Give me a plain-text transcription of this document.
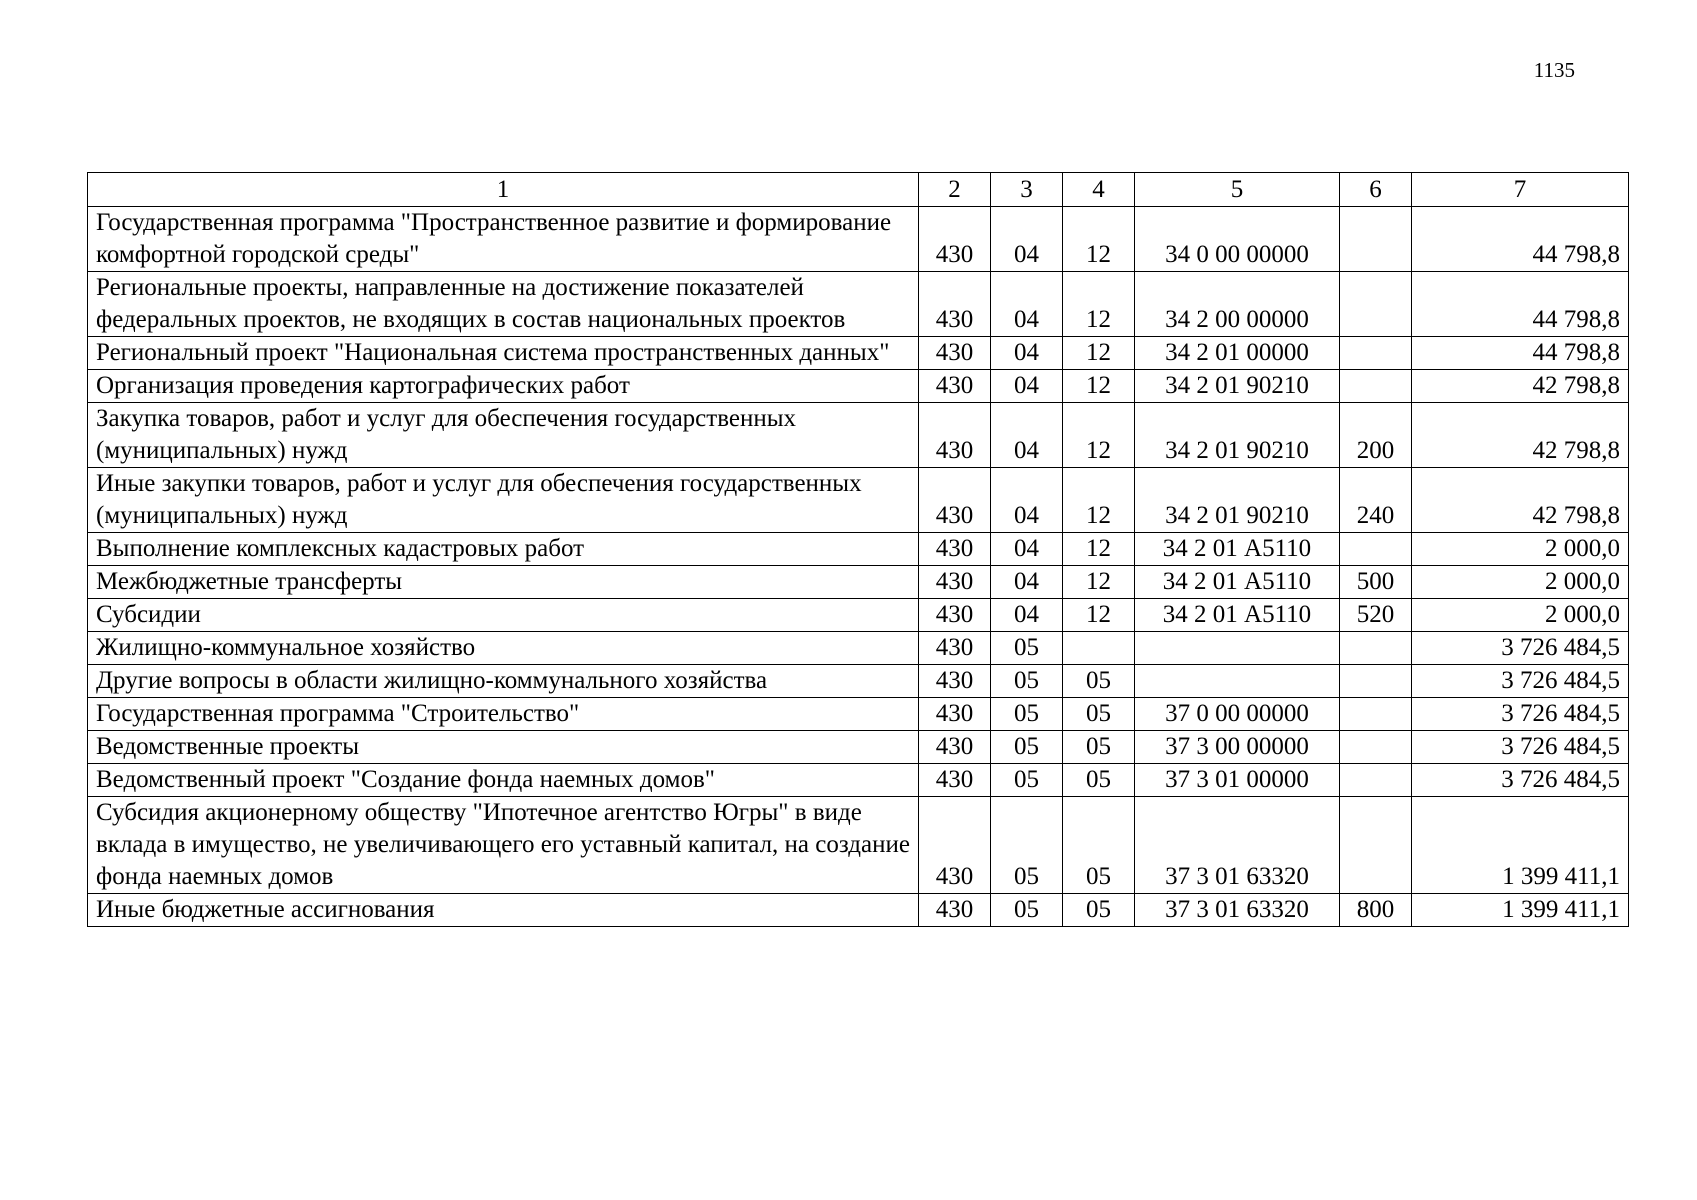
1135
1	2	3	4	5	6	7
Государственная программа "Пространственное развитие и формирование комфортной городской среды"	430	04	12	34 0 00 00000		44 798,8
Региональные проекты, направленные на достижение показателей федеральных проектов, не входящих в состав национальных проектов	430	04	12	34 2 00 00000		44 798,8
Региональный проект "Национальная система пространственных данных"	430	04	12	34 2 01 00000		44 798,8
Организация проведения картографических работ	430	04	12	34 2 01 90210		42 798,8
Закупка товаров, работ и услуг для обеспечения государственных (муниципальных) нужд	430	04	12	34 2 01 90210	200	42 798,8
Иные закупки товаров, работ и услуг для обеспечения государственных (муниципальных) нужд	430	04	12	34 2 01 90210	240	42 798,8
Выполнение комплексных кадастровых работ	430	04	12	34 2 01 А5110		2 000,0
Межбюджетные трансферты	430	04	12	34 2 01 А5110	500	2 000,0
Субсидии	430	04	12	34 2 01 А5110	520	2 000,0
Жилищно-коммунальное хозяйство	430	05				3 726 484,5
Другие вопросы в области жилищно-коммунального хозяйства	430	05	05			3 726 484,5
Государственная программа "Строительство"	430	05	05	37 0 00 00000		3 726 484,5
Ведомственные проекты	430	05	05	37 3 00 00000		3 726 484,5
Ведомственный проект "Создание фонда наемных домов"	430	05	05	37 3 01 00000		3 726 484,5
Субсидия акционерному обществу "Ипотечное агентство Югры" в виде вклада в имущество, не увеличивающего его уставный капитал, на создание фонда наемных домов	430	05	05	37 3 01 63320		1 399 411,1
Иные бюджетные ассигнования	430	05	05	37 3 01 63320	800	1 399 411,1
